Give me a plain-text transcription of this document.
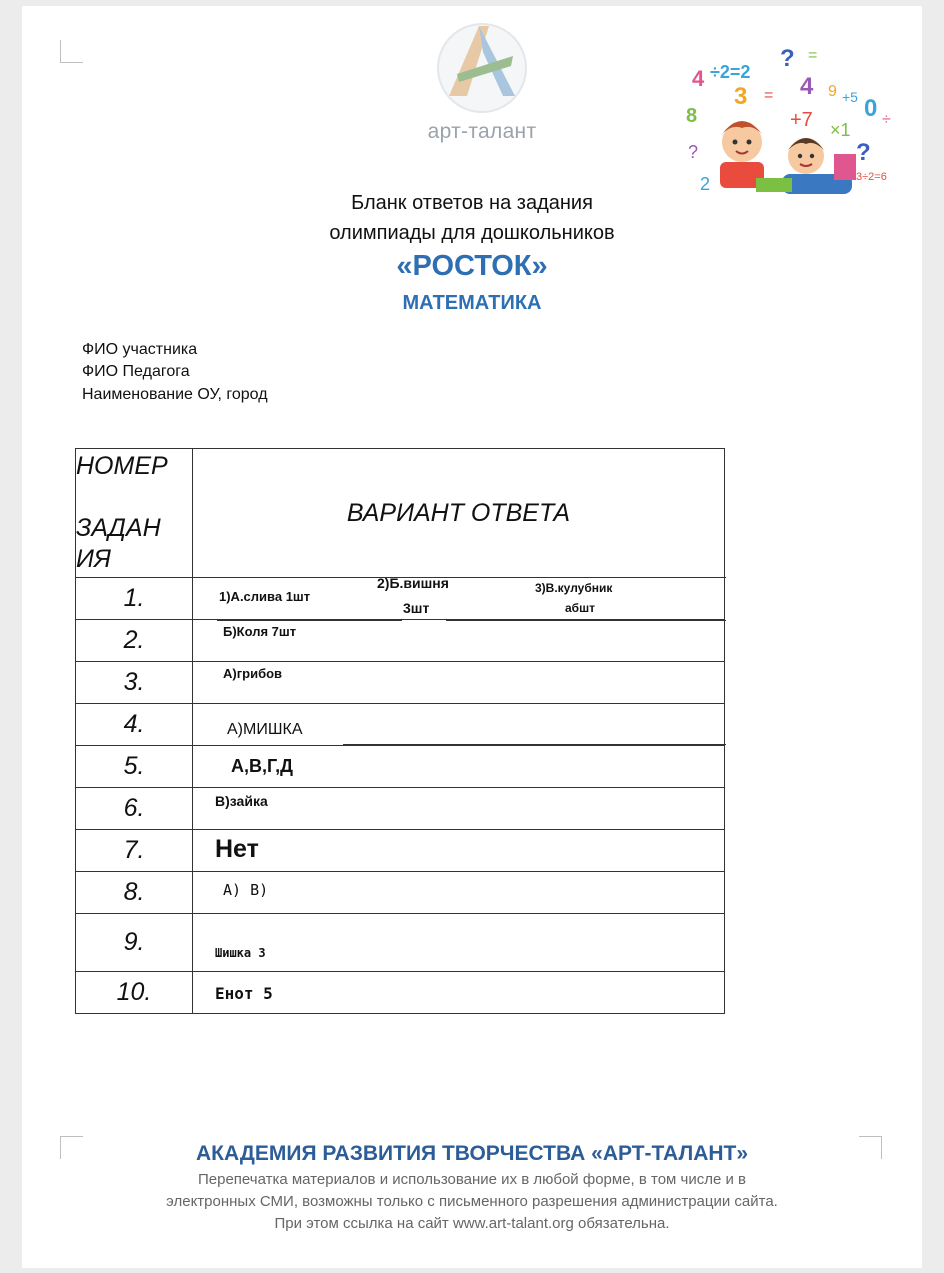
арт-талант
4 ÷2=2 ? =
3 = 4 9 +5 0 ÷
8	+7 ×1
?
3÷2=6
?
2
Бланк ответов на задания
олимпиады для дошкольников
«РОСТОК»
МАТЕМАТИКА
ФИО участника
ФИО Педагога
Наименование ОУ, город
НОМЕР
ЗАДАН
ИЯ	ВАРИАНТ ОТВЕТА
1.	1)А.слива 1шт
2)Б.вишня
3шт
3)В.кулубник
абшт

2.	Б)Коля 7шт

3.	А)грибов

4.	А)МИШКА

5.	А,В,Г,Д

6.	В)зайка

7.	Нет

8.	А) В)

9.	Шишка 3

10.	Енот 5
АКАДЕМИЯ РАЗВИТИЯ ТВОРЧЕСТВА «АРТ-ТАЛАНТ»
Перепечатка материалов и использование их в любой форме, в том числе и в
электронных СМИ, возможны только с письменного разрешения администрации сайта.
При этом ссылка на сайт www.art-talant.org обязательна.
